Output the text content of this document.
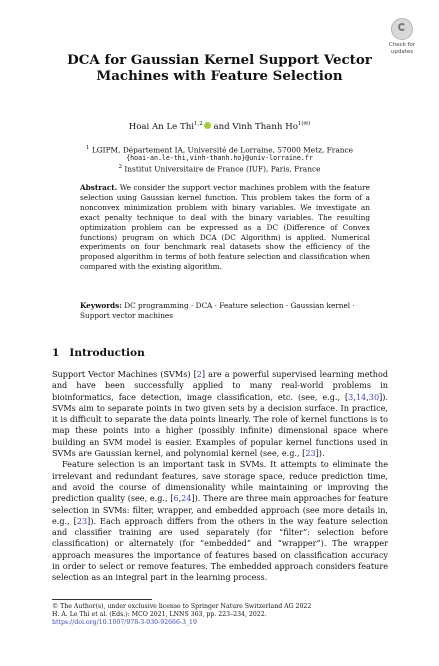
Check for
updates
DCA for Gaussian Kernel Support Vector Machines with Feature Selection
Hoai An Le Thi$^{1,2}$ and Vinh Thanh $Ho^{1(✉)}$
$^1$ LGIPM, Département IA, Université de Lorraine, 57000 Metz, France
{hoai-an.le-thi,vinh-thanh.ho}@univ-lorraine.fr
$^2$ Institut Universitaire de France (IUF), Paris, France
Abstract. We consider the support vector machines problem with the feature selection using Gaussian kernel function. This problem takes the form of a nonconvex minimization problem with binary variables. We investigate an exact penalty technique to deal with the binary variables. The resulting optimization problem can be expressed as a DC (Difference of Convex functions) program on which DCA (DC Algorithm) is applied. Numerical experiments on four benchmark real datasets show the efficiency of the proposed algorithm in terms of both feature selection and classification when compared with the existing algorithm.
Keywords: DC programming · DCA · Feature selection · Gaussian kernel · Support vector machines
1 Introduction

Support Vector Machines (SVMs) [2] are a powerful supervised learning method and have been successfully applied to many real-world problems in bioinformatics, face detection, image classification, etc. (see, e.g., [3,14,30]). SVMs aim to separate points in two given sets by a decision surface. In practice, it is difficult to separate the data points linearly. The role of kernel functions is to map these points into a higher (possibly infinite) dimensional space where building an SVM model is easier. Examples of popular kernel functions used in SVMs are Gaussian kernel, and polynomial kernel (see, e.g., [23]).

Feature selection is an important task in SVMs. It attempts to eliminate the irrelevant and redundant features, save storage space, reduce prediction time, and avoid the course of dimensionality while maintaining or improving the prediction quality (see, e.g., [6,24]). There are three main approaches for feature selection in SVMs: filter, wrapper, and embedded approach (see more details in, e.g., [23]). Each approach differs from the others in the way feature selection and classifier training are used separately (for “filter”: selection before classification) or alternately (for “embedded” and “wrapper”). The wrapper approach measures the importance of features based on classification accuracy in order to select or remove features. The embedded approach considers feature selection as an integral part in the learning process.

© The Author(s), under exclusive license to Springer Nature Switzerland AG 2022
H. A. Le Thi et al. (Eds.): MCO 2021, LNNS 363, pp. 223–234, 2022.
https://doi.org/10.1007/978-3-030-92666-3_19
